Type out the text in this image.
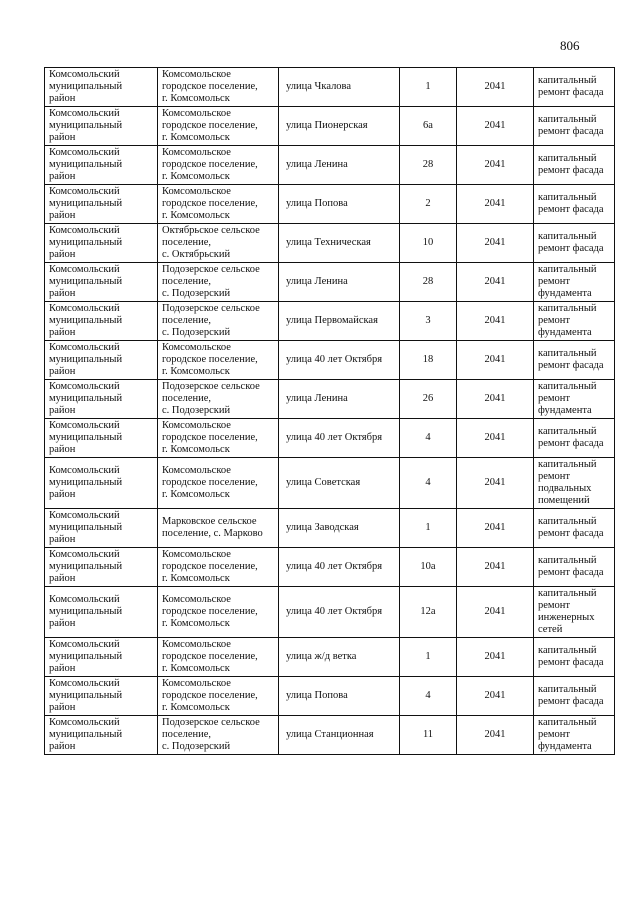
806
Комсомольский
муниципальный
район	Комсомольское
городское поселение,
г. Комсомольск	улица Чкалова	1	2041	капитальный
ремонт фасада

Комсомольский
муниципальный
район	Комсомольское
городское поселение,
г. Комсомольск	улица Пионерская	6а	2041	капитальный
ремонт фасада

Комсомольский
муниципальный
район	Комсомольское
городское поселение,
г. Комсомольск	улица Ленина	28	2041	капитальный
ремонт фасада

Комсомольский
муниципальный
район	Комсомольское
городское поселение,
г. Комсомольск	улица Попова	2	2041	капитальный
ремонт фасада

Комсомольский
муниципальный
район	Октябрьское сельское
поселение,
с. Октябрьский	улица Техническая	10	2041	капитальный
ремонт фасада

Комсомольский
муниципальный
район	Подозерское сельское
поселение,
с. Подозерский	улица Ленина	28	2041	капитальный
ремонт
фундамента

Комсомольский
муниципальный
район	Подозерское сельское
поселение,
с. Подозерский	улица Первомайская	3	2041	капитальный
ремонт
фундамента

Комсомольский
муниципальный
район	Комсомольское
городское поселение,
г. Комсомольск	улица 40 лет Октября	18	2041	капитальный
ремонт фасада

Комсомольский
муниципальный
район	Подозерское сельское
поселение,
с. Подозерский	улица Ленина	26	2041	капитальный
ремонт
фундамента

Комсомольский
муниципальный
район	Комсомольское
городское поселение,
г. Комсомольск	улица 40 лет Октября	4	2041	капитальный
ремонт фасада

Комсомольский
муниципальный
район	Комсомольское
городское поселение,
г. Комсомольск	улица Советская	4	2041	капитальный
ремонт
подвальных
помещений

Комсомольский
муниципальный
район	Марковское сельское
поселение, с. Марково	улица Заводская	1	2041	капитальный
ремонт фасада

Комсомольский
муниципальный
район	Комсомольское
городское поселение,
г. Комсомольск	улица 40 лет Октября	10а	2041	капитальный
ремонт фасада

Комсомольский
муниципальный
район	Комсомольское
городское поселение,
г. Комсомольск	улица 40 лет Октября	12а	2041	капитальный
ремонт
инженерных
сетей

Комсомольский
муниципальный
район	Комсомольское
городское поселение,
г. Комсомольск	улица ж/д ветка	1	2041	капитальный
ремонт фасада

Комсомольский
муниципальный
район	Комсомольское
городское поселение,
г. Комсомольск	улица Попова	4	2041	капитальный
ремонт фасада

Комсомольский
муниципальный
район	Подозерское сельское
поселение,
с. Подозерский	улица Станционная	11	2041	капитальный
ремонт
фундамента
